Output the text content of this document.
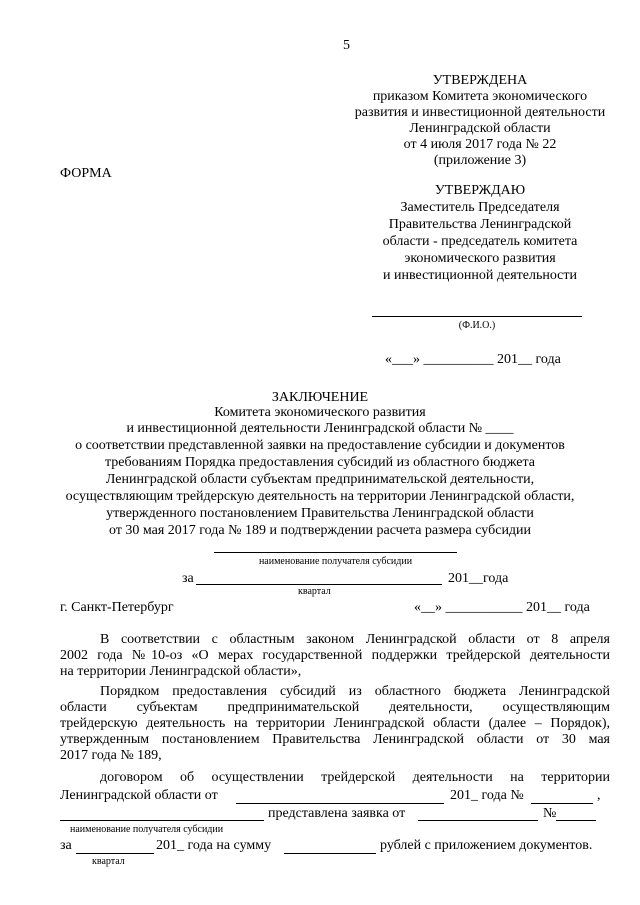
5
УТВЕРЖДЕНА
приказом Комитета экономического
развития и инвестиционной деятельности
Ленинградской области
от 4 июля 2017 года № 22
(приложение 3)
ФОРМА
УТВЕРЖДАЮ
Заместитель Председателя
Правительства Ленинградской
области - председатель комитета
экономического развития
и инвестиционной деятельности
(Ф.И.О.)
«___» __________ 201__ года
ЗАКЛЮЧЕНИЕ
Комитета экономического развития
и инвестиционной деятельности Ленинградской области № ____
о соответствии представленной заявки на предоставление субсидии и документов
требованиям Порядка предоставления субсидий из областного бюджета
Ленинградской области субъектам предпринимательской деятельности,
осуществляющим трейдерскую деятельность на территории Ленинградской области,
утвержденного постановлением Правительства Ленинградской области
от 30 мая 2017 года № 189 и подтверждении расчета размера субсидии
наименование получателя субсидии
за	201__года
квартал
г. Санкт-Петербург	«__» ___________ 201__ года
В соответствии с областным законом Ленинградской области от 8 апреля
2002 года №10-оз «О мерах государственной поддержки трейдерской деятельности
на территории Ленинградской области»,
Порядком предоставления субсидий из областного бюджета Ленинградской
области субъектам предпринимательской деятельности, осуществляющим
трейдерскую деятельность на территории Ленинградской области (далее – Порядок),
утвержденным постановлением Правительства Ленинградской области от 30 мая
2017 года № 189,
договором об осуществлении трейдерской деятельности на территории
Ленинградской области от	201_ года №	,
представлена заявка от	№
наименование получателя субсидии
за	201_ года на сумму	рублей с приложением документов.
квартал
